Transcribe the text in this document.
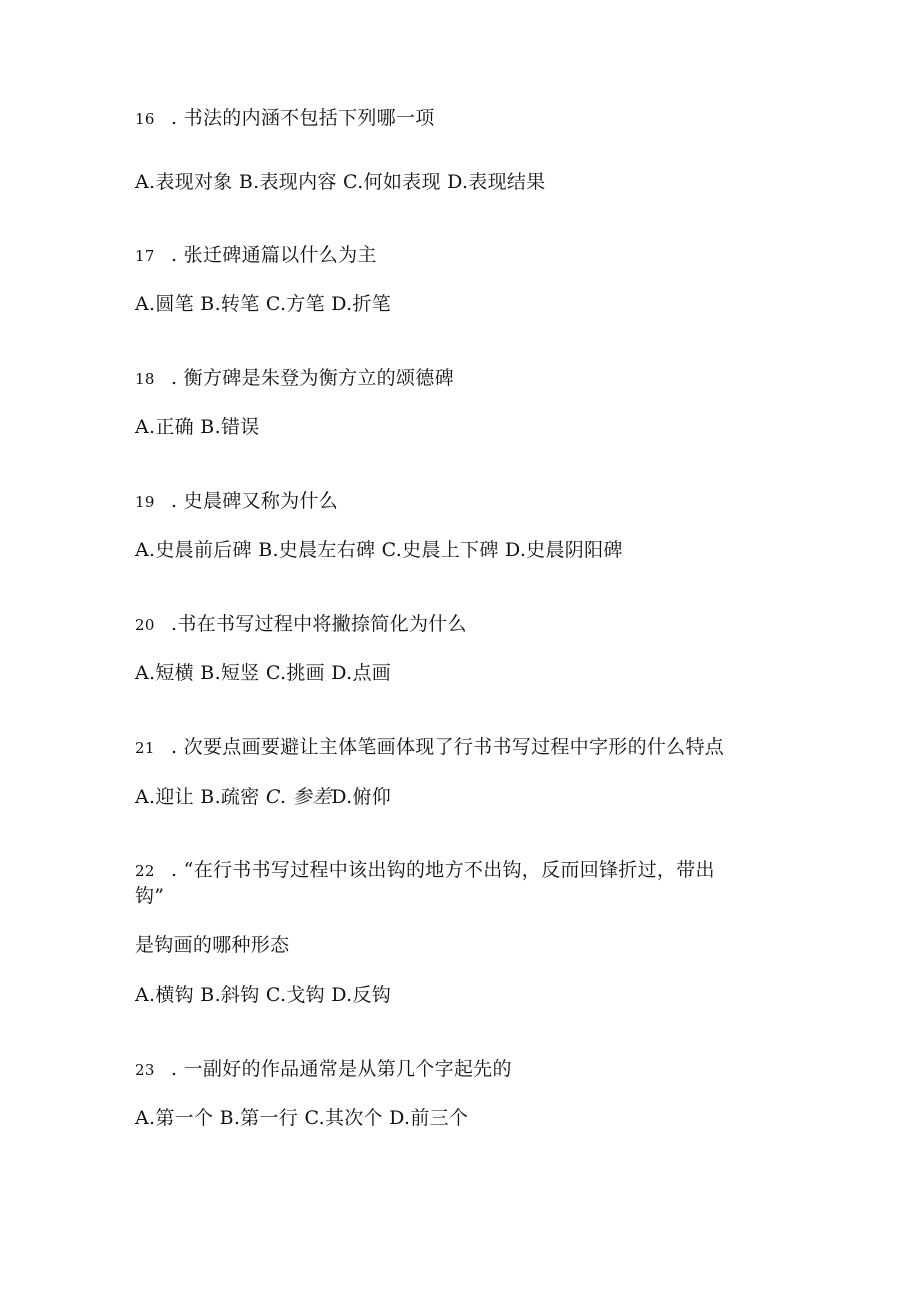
16 . 书法的内涵不包括下列哪一项
A.表现对象 B.表现内容 C.何如表现 D.表现结果
17 . 张迁碑通篇以什么为主
A.圆笔 B.转笔 C.方笔 D.折笔
18 . 衡方碑是朱登为衡方立的颂德碑
A.正确 B.错误
19 . 史晨碑又称为什么
A.史晨前后碑 B.史晨左右碑 C.史晨上下碑 D.史晨阴阳碑
20 .书在书写过程中将撇捺简化为什么
A.短横 B.短竖 C.挑画 D.点画
21 . 次要点画要避让主体笔画体现了行书书写过程中字形的什么特点
A.迎让 B.疏密 C. 参差D.俯仰
22 . “在行书书写过程中该出钩的地方不出钩，反而回锋折过，带出
钩”
是钩画的哪种形态
A.横钩 B.斜钩 C.戈钩 D.反钩
23 . 一副好的作品通常是从第几个字起先的
A.第一个 B.第一行 C.其次个 D.前三个
